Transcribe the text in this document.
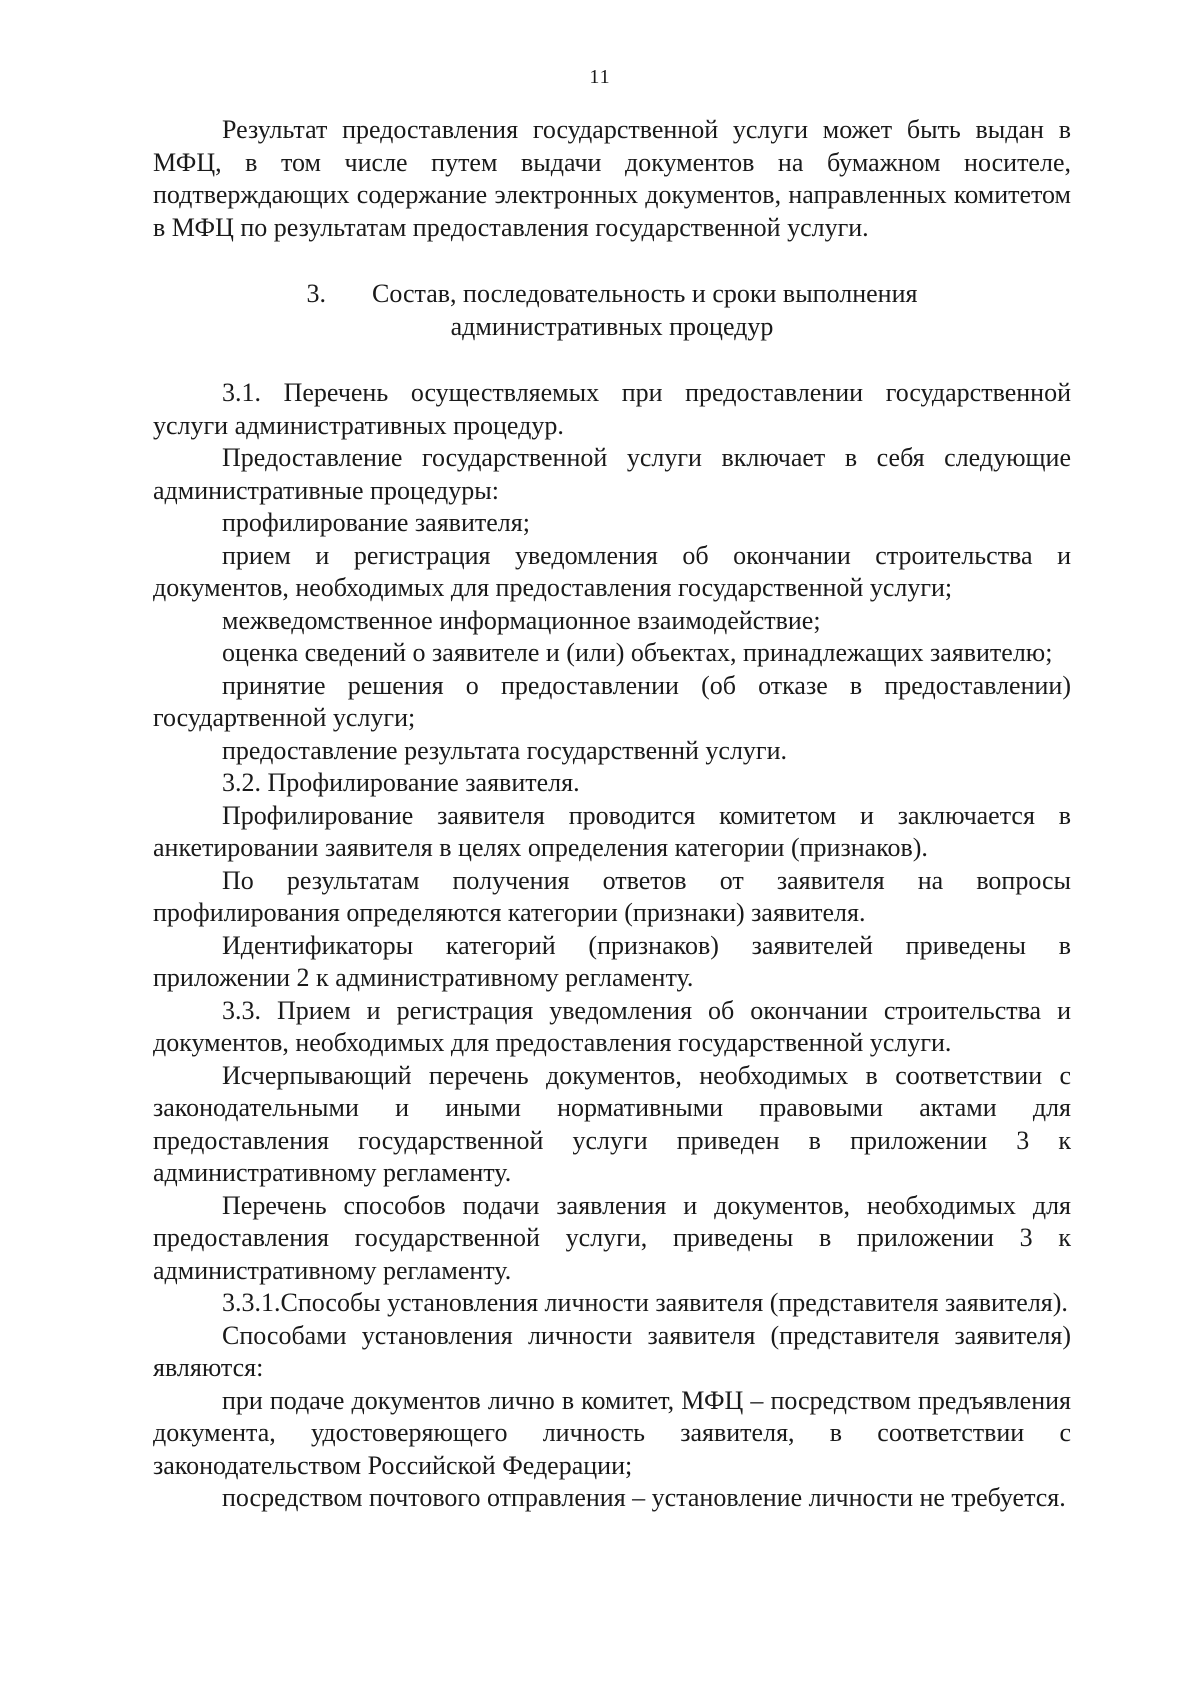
11

Результат предоставления государственной услуги может быть выдан в МФЦ, в том числе путем выдачи документов на бумажном носителе, подтверждающих содержание электронных документов, направленных комитетом в МФЦ по результатам предоставления государственной услуги.

3. Состав, последовательность и сроки выполнения
административных процедур

3.1. Перечень осуществляемых при предоставлении государственной услуги административных процедур.

Предоставление государственной услуги включает в себя следующие административные процедуры:

профилирование заявителя;

прием и регистрация уведомления об окончании строительства и документов, необходимых для предоставления государственной услуги;

межведомственное информационное взаимодействие;

оценка сведений о заявителе и (или) объектах, принадлежащих заявителю;

принятие решения о предоставлении (об отказе в предоставлении) государтвенной услуги;

предоставление результата государственнй услуги.

3.2. Профилирование заявителя.

Профилирование заявителя проводится комитетом и заключается в анкетировании заявителя в целях определения категории (признаков).

По результатам получения ответов от заявителя на вопросы профилирования определяются категории (признаки) заявителя.

Идентификаторы категорий (признаков) заявителей приведены в приложении 2 к административному регламенту.

3.3. Прием и регистрация уведомления об окончании строительства и документов, необходимых для предоставления государственной услуги.

Исчерпывающий перечень документов, необходимых в соответствии с законодательными и иными нормативными правовыми актами для предоставления государственной услуги приведен в приложении 3 к административному регламенту.

Перечень способов подачи заявления и документов, необходимых для предоставления государственной услуги, приведены в приложении 3 к административному регламенту.

3.3.1.Способы установления личности заявителя (представителя заявителя).

Способами установления личности заявителя (представителя заявителя) являются:

при подаче документов лично в комитет, МФЦ – посредством предъявления документа, удостоверяющего личность заявителя, в соответствии с законодательством Российской Федерации;

посредством почтового отправления – установление личности не требуется.
